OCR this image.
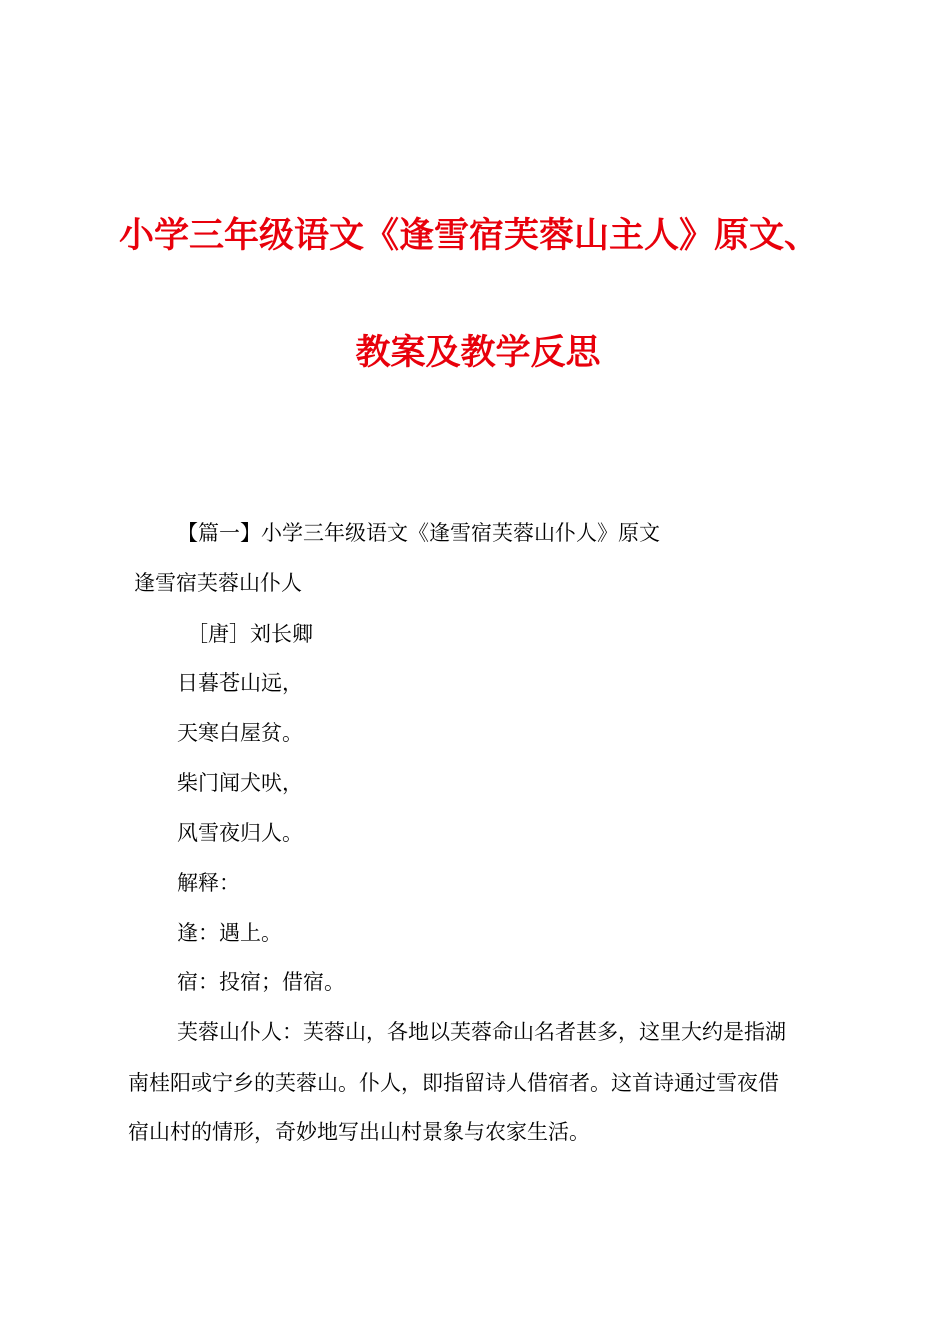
小学三年级语文《逢雪宿芙蓉山主人》原文、
教案及教学反思
【篇一】小学三年级语文《逢雪宿芙蓉山仆人》原文
逢雪宿芙蓉山仆人
［唐］刘长卿
日暮苍山远，
天寒白屋贫。
柴门闻犬吠，
风雪夜归人。
解释：
逢：遇上。
宿：投宿；借宿。
芙蓉山仆人：芙蓉山，各地以芙蓉命山名者甚多，这里大约是指湖
南桂阳或宁乡的芙蓉山。仆人，即指留诗人借宿者。这首诗通过雪夜借
宿山村的情形，奇妙地写出山村景象与农家生活。
